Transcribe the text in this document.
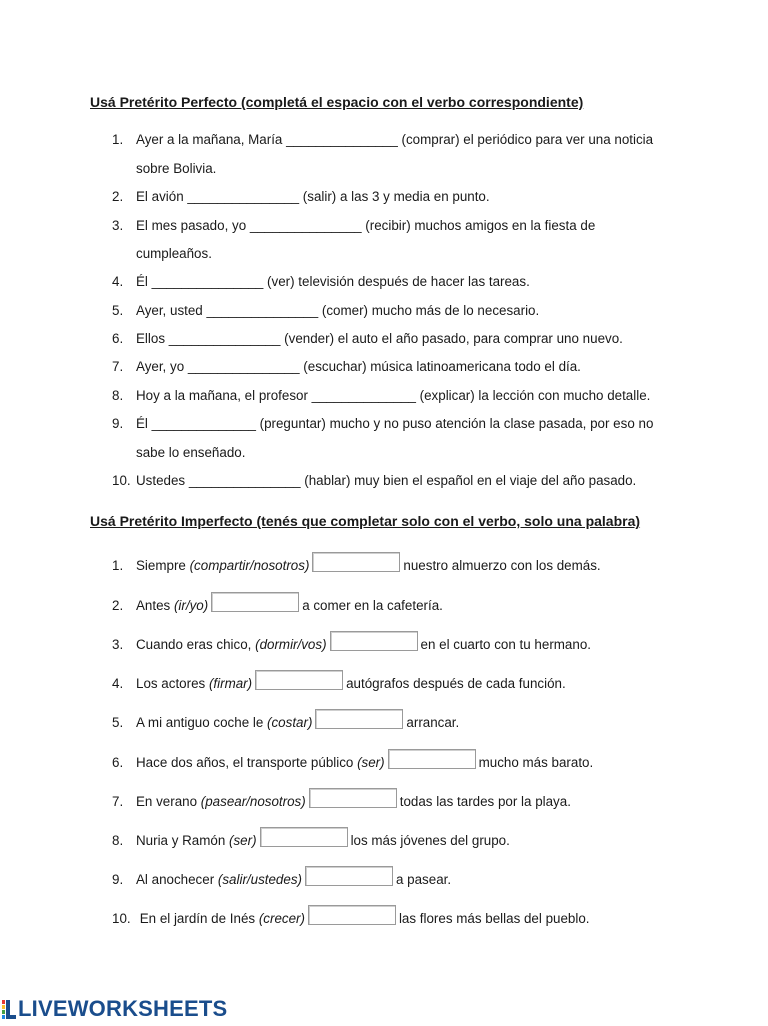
Usá Pretérito Perfecto (completá el espacio con el verbo correspondiente)
1. Ayer a la mañana, María _______________ (comprar) el periódico para ver una noticia
sobre Bolivia.
2. El avión _______________ (salir) a las 3 y media en punto.
3. El mes pasado, yo _______________ (recibir) muchos amigos en la fiesta de
cumpleaños.
4. Él _______________ (ver) televisión después de hacer las tareas.
5. Ayer, usted _______________ (comer) mucho más de lo necesario.
6. Ellos _______________ (vender) el auto el año pasado, para comprar uno nuevo.
7. Ayer, yo _______________ (escuchar) música latinoamericana todo el día.
8. Hoy a la mañana, el profesor ______________ (explicar) la lección con mucho detalle.
9. Él ______________ (preguntar) mucho y no puso atención la clase pasada, por eso no
sabe lo enseñado.
10. Ustedes _______________ (hablar) muy bien el español en el viaje del año pasado.
Usá Pretérito Imperfecto (tenés que completar solo con el verbo, solo una palabra)
1. Siempre (compartir/nosotros)	nuestro almuerzo con los demás.
2. Antes (ir/yo)	a comer en la cafetería.
3. Cuando eras chico, (dormir/vos)	en el cuarto con tu hermano.
4. Los actores (firmar)	autógrafos después de cada función.
5. A mi antiguo coche le (costar)	arrancar.
6. Hace dos años, el transporte público (ser)	mucho más barato.
7. En verano (pasear/nosotros)	todas las tardes por la playa.
8. Nuria y Ramón (ser)	los más jóvenes del grupo.
9. Al anochecer (salir/ustedes)	a pasear.
10. En el jardín de Inés (crecer)	las flores más bellas del pueblo.
LIVEWORKSHEETS
